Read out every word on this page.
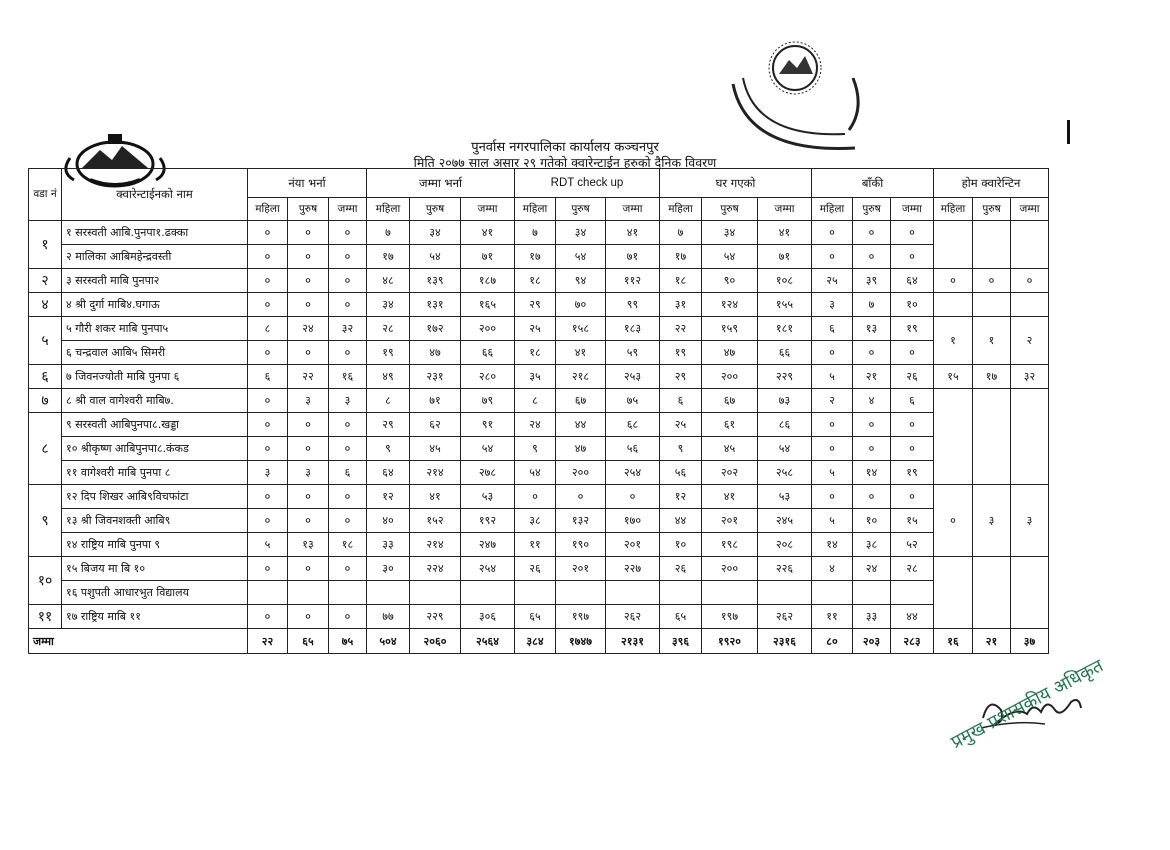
पुनर्वास नगरपालिका कार्यालय कञ्चनपुर
मिति २०७७ साल असार २९ गतेको क्वारेन्टाईन हरुको दैनिक विवरण
वडा नं	क्वारेन्टाईनको नाम	नंया भर्ना			जम्मा भर्ना			RDT check up			घर गएको			बाँकी			होम क्वारेन्टिन		
		महिला	पुरुष	जम्मा	महिला	पुरुष	जम्मा	महिला	पुरुष	जम्मा	महिला	पुरुष	जम्मा	महिला	पुरुष	जम्मा	महिला	पुरुष	जम्मा
१	१ सरस्वती आबि.पुनपा१.ढक्का	०	०	०	७	३४	४१	७	३४	४१	७	३४	४१	०	०	०			
	२ मालिका आबिमहेन्द्रवस्ती	०	०	०	१७	५४	७१	१७	५४	७१	१७	५४	७१	०	०	०			
२	३ सरस्वती माबि पुनपा२	०	०	०	४८	१३९	१८७	१८	९४	११२	१८	९०	१०८	२५	३९	६४	०	०	०
४	४ श्री दुर्गा माबि४.घगाऊ	०	०	०	३४	१३१	१६५	२९	७०	९९	३१	१२४	१५५	३	७	१०			
५	५ गौरी शकर माबि पुनपा५	८	२४	३२	२८	१७२	२००	२५	१५८	१८३	२२	१५९	१८१	६	१३	१९	१	१	२
	६ चन्द्रवाल आबि५ सिमरी	०	०	०	१९	४७	६६	१८	४१	५९	१९	४७	६६	०	०	०			
६	७ जिवनज्योती माबि पुनपा ६	६	२२	१६	४९	२३१	२८०	३५	२१८	२५३	२९	२००	२२९	५	२१	२६	१५	१७	३२
७	८ श्री वाल वागेश्वरी माबि७.	०	३	३	८	७१	७९	८	६७	७५	६	६७	७३	२	४	६			
८	९ सरस्वती आबिपुनपा८.खड्डा	०	०	०	२९	६२	९१	२४	४४	६८	२५	६१	८६	०	०	०			
	१० श्रीकृष्ण आबिपुनपा८.कंकड	०	०	०	९	४५	५४	९	४७	५६	९	४५	५४	०	०	०			
	११ वागेश्वरी माबि पुनपा ८	३	३	६	६४	२१४	२७८	५४	२००	२५४	५६	२०२	२५८	५	१४	१९			
९	१२ दिप शिखर आबि९विचफांटा	०	०	०	१२	४१	५३	०	०	०	१२	४१	५३	०	०	०	०	३	३
	१३ श्री जिवनशक्ती आबि९	०	०	०	४०	१५२	१९२	३८	१३२	१७०	४४	२०१	२४५	५	१०	१५			
	१४ राष्ट्रिय माबि पुनपा ९	५	१३	१८	३३	२१४	२४७	११	१९०	२०१	१०	१९८	२०८	१४	३८	५२			
१०	१५ बिजय मा बि १०	०	०	०	३०	२२४	२५४	२६	२०१	२२७	२६	२००	२२६	४	२४	२८			
	१६ पशुपती आधारभुत विद्यालय																		
११	१७ राष्ट्रिय माबि ११	०	०	०	७७	२२९	३०६	६५	१९७	२६२	६५	१९७	२६२	११	३३	४४			
जम्मा		२२	६५	७५	५०४	२०६०	२५६४	३८४	१७४७	२१३१	३९६	१९२०	२३१६	८०	२०३	२८३	१६	२१	३७
प्रमुख प्रशासकीय अधिकृत
